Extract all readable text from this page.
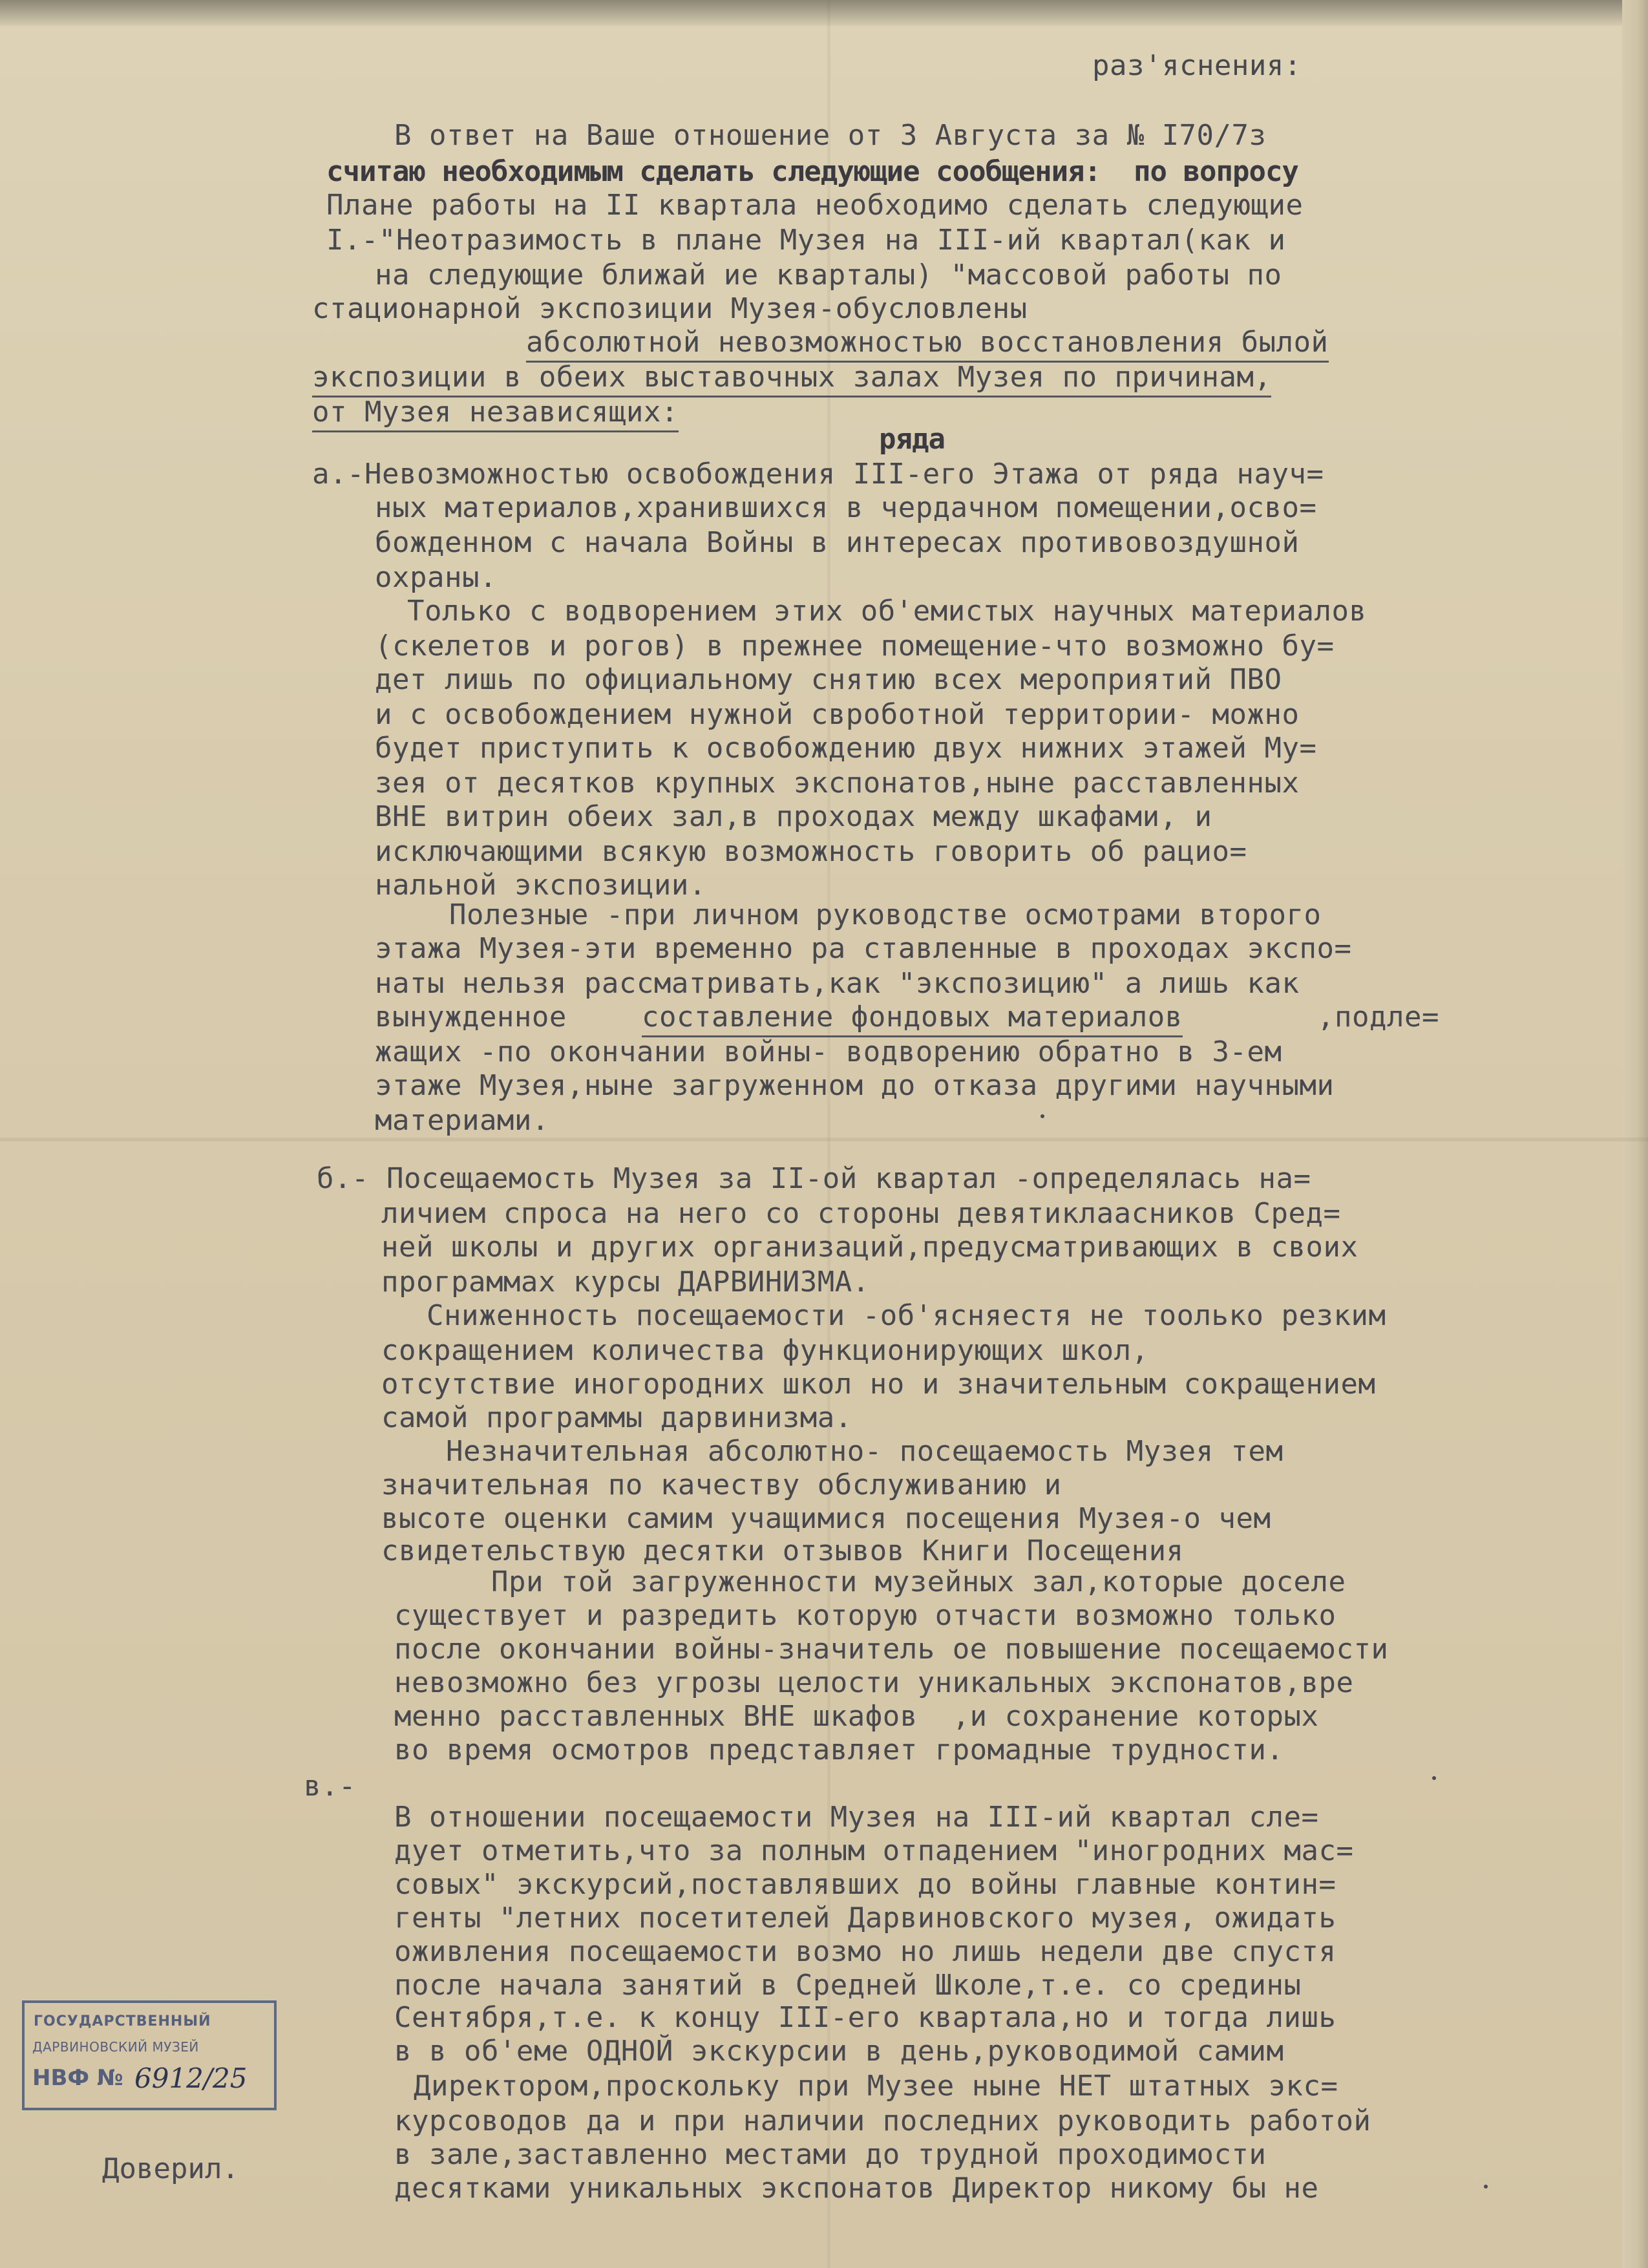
раз'яснения:
В ответ на Ваше отношение от 3 Августа за № I70/7з
считаю необходимым сделать следующие сообщения:  по вопросу
Плане работы на II квартала необходимо сделать следующие
I.-"Неотразимость в плане Музея на III-ий квартал(как и
на следующие ближай ие кварталы) "массовой работы по
стационарной экспозиции Музея-обусловлены
абсолютной невозможностью восстановления былой
экспозиции в обеих выставочных залах Музея по причинам,
от Музея независящих:
ряда
а.-Невозможностью освобождения III-его Этажа от ряда науч=
ных материалов,хранившихся в чердачном помещении,осво=
божденном с начала Войны в интересах противовоздушной
охраны.
Только с водворением этих об'емистых научных материалов
(скелетов и рогов) в прежнее помещение-что возможно бу=
дет лишь по официальному снятию всех мероприятий ПВО
и с освобождением нужной свроботной территории- можно
будет приступить к освобождению двух нижних этажей Му=
зея от десятков крупных экспонатов,ныне расставленных
ВНЕ витрин обеих зал,в проходах между шкафами, и
исключающими всякую возможность говорить об рацио=
нальной экспозиции.
Полезные -при личном руководстве осмотрами второго
этажа Музея-эти временно ра ставленные в проходах экспо=
наты нельзя рассматривать,как "экспозицию" а лишь как
вынужденное	составление фондовых материалов	,подле=
жащих -по окончании войны- водворению обратно в 3-ем
этаже Музея,ныне загруженном до отказа другими научными
материами.
б.- Посещаемость Музея за II-ой квартал -определялась на=
личием спроса на него со стороны девятиклаасников Сред=
ней школы и других организаций,предусматривающих в своих
программах курсы ДАРВИНИЗМА.
Сниженность посещаемости -об'ясняестя не тоолько резким
сокращением количества функционирующих школ,
отсутствие иногородних школ но и значительным сокращением
самой программы дарвинизма.
Незначительная абсолютно- посещаемость Музея тем
значительная по качеству обслуживанию и
высоте оценки самим учащимися посещения Музея-о чем
свидетельствую десятки отзывов Книги Посещения
При той загруженности музейных зал,которые доселе
существует и разредить которую отчасти возможно только
после окончании войны-значитель ое повышение посещаемости
невозможно без угрозы целости уникальных экспонатов,вре
менно расставленных ВНЕ шкафов  ,и сохранение которых
во время осмотров представляет громадные трудности.
в.-
В отношении посещаемости Музея на III-ий квартал сле=
дует отметить,что за полным отпадением "иногродних мас=
совых" экскурсий,поставлявших до войны главные контин=
генты "летних посетителей Дарвиновского музея, ожидать
оживления посещаемости возмо но лишь недели две спустя
после начала занятий в Средней Школе,т.е. со средины
Сентября,т.е. к концу III-его квартала,но и тогда лишь
в в об'еме ОДНОЙ экскурсии в день,руководимой самим
Директором,проскольку при Музее ныне НЕТ штатных экс=
курсоводов да и при наличии последних руководить работой
в зале,заставленно местами до трудной проходимости
десятками уникальных экспонатов Директор никому бы не
ГОСУДАРСТВЕННЫЙ
ДАРВИНОВСКИЙ МУЗЕЙ
НВФ № 6912/25
Доверил.
